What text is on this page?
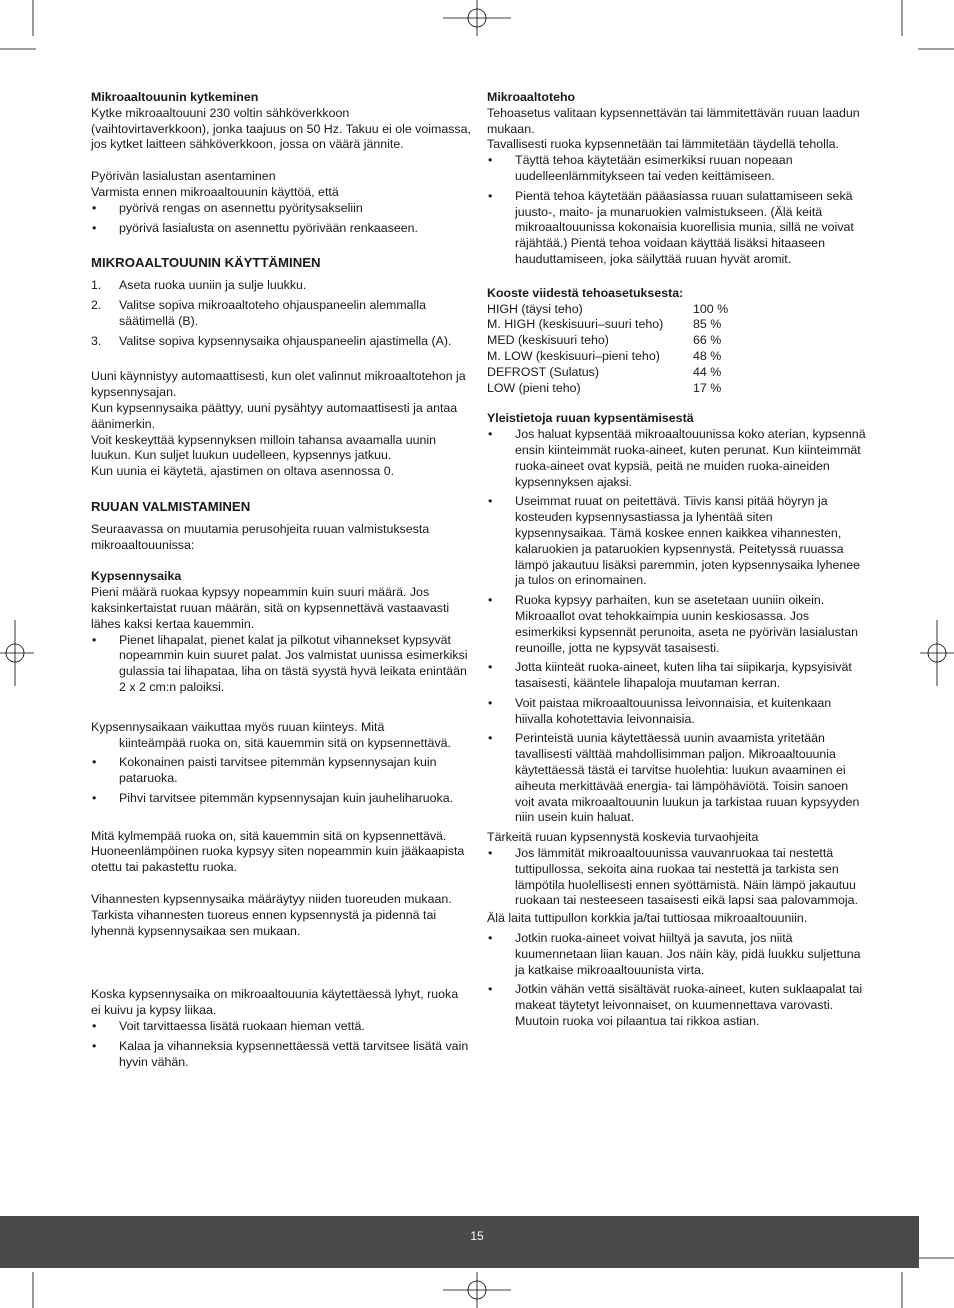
Mikroaaltouunin kytkeminen

Kytke mikroaaltouuni 230 voltin sähköverkkoon (vaihtovirtaverkkoon), jonka taajuus on 50 Hz. Takuu ei ole voimassa, jos kytket laitteen sähköverkkoon, jossa on väärä jännite.

Pyörivän lasialustan asentaminen

Varmista ennen mikroaaltouunin käyttöä, että

• pyörivä rengas on asennettu pyöritysakseliin
• pyörivä lasialusta on asennettu pyörivään renkaaseen.

MIKROAALTOUUNIN KÄYTTÄMINEN

1. Aseta ruoka uuniin ja sulje luukku.
2. Valitse sopiva mikroaaltoteho ohjauspaneelin alemmalla säätimellä (B).
3. Valitse sopiva kypsennysaika ohjauspaneelin ajastimella (A).

Uuni käynnistyy automaattisesti, kun olet valinnut mikroaaltotehon ja kypsennysajan.

Kun kypsennysaika päättyy, uuni pysähtyy automaattisesti ja antaa äänimerkin.

Voit keskeyttää kypsennyksen milloin tahansa avaamalla uunin luukun. Kun suljet luukun uudelleen, kypsennys jatkuu.

Kun uunia ei käytetä, ajastimen on oltava asennossa 0.

RUUAN VALMISTAMINEN

Seuraavassa on muutamia perusohjeita ruuan valmistuksesta mikroaaltouunissa:

Kypsennysaika

Pieni määrä ruokaa kypsyy nopeammin kuin suuri määrä. Jos kaksinkertaistat ruuan määrän, sitä on kypsennettävä vastaavasti lähes kaksi kertaa kauemmin.

• Pienet lihapalat, pienet kalat ja pilkotut vihannekset kypsyvät nopeammin kuin suuret palat. Jos valmistat uunissa esimerkiksi gulassia tai lihapataa, liha on tästä syystä hyvä leikata enintään 2 x 2 cm:n paloiksi.

Kypsennysaikaan vaikuttaa myös ruuan kiinteys. Mitä

kiinteämpää ruoka on, sitä kauemmin sitä on kypsennettävä.

• Kokonainen paisti tarvitsee pitemmän kypsennysajan kuin pataruoka.
• Pihvi tarvitsee pitemmän kypsennysajan kuin jauheliharuoka.

Mitä kylmempää ruoka on, sitä kauemmin sitä on kypsennettävä. Huoneenlämpöinen ruoka kypsyy siten nopeammin kuin jääkaapista otettu tai pakastettu ruoka.

Vihannesten kypsennysaika määräytyy niiden tuoreuden mukaan. Tarkista vihannesten tuoreus ennen kypsennystä ja pidennä tai lyhennä kypsennysaikaa sen mukaan.

Koska kypsennysaika on mikroaaltouunia käytettäessä lyhyt, ruoka ei kuivu ja kypsy liikaa.

• Voit tarvittaessa lisätä ruokaan hieman vettä.
• Kalaa ja vihanneksia kypsennettäessä vettä tarvitsee lisätä vain hyvin vähän.

Mikroaaltoteho

Tehoasetus valitaan kypsennettävän tai lämmitettävän ruuan laadun mukaan.

Tavallisesti ruoka kypsennetään tai lämmitetään täydellä teholla.

• Täyttä tehoa käytetään esimerkiksi ruuan nopeaan uudelleenlämmitykseen tai veden keittämiseen.
• Pientä tehoa käytetään pääasiassa ruuan sulattamiseen sekä juusto-, maito- ja munaruokien valmistukseen. (Älä keitä mikroaaltouunissa kokonaisia kuorellisia munia, sillä ne voivat räjähtää.) Pientä tehoa voidaan käyttää lisäksi hitaaseen hauduttamiseen, joka säilyttää ruuan hyvät aromit.

Kooste viidestä tehoasetuksesta:

HIGH (täysi teho)	100 %
M. HIGH (keskisuuri–suuri teho)	85 %
MED (keskisuuri teho)	66 %
M. LOW (keskisuuri–pieni teho)	48 %
DEFROST (Sulatus)	44 %
LOW (pieni teho)	17 %

Yleistietoja ruuan kypsentämisestä

• Jos haluat kypsentää mikroaaltouunissa koko aterian, kypsennä ensin kiinteimmät ruoka-aineet, kuten perunat. Kun kiinteimmät ruoka-aineet ovat kypsiä, peitä ne muiden ruoka-aineiden kypsennyksen ajaksi.
• Useimmat ruuat on peitettävä. Tiivis kansi pitää höyryn ja kosteuden kypsennysastiassa ja lyhentää siten kypsennysaikaa. Tämä koskee ennen kaikkea vihannesten, kalaruokien ja pataruokien kypsennystä. Peitetyssä ruuassa lämpö jakautuu lisäksi paremmin, joten kypsennysaika lyhenee ja tulos on erinomainen.
• Ruoka kypsyy parhaiten, kun se asetetaan uuniin oikein. Mikroaallot ovat tehokkaimpia uunin keskiosassa. Jos esimerkiksi kypsennät perunoita, aseta ne pyörivän lasialustan reunoille, jotta ne kypsyvät tasaisesti.
• Jotta kiinteät ruoka-aineet, kuten liha tai siipikarja, kypsyisivät tasaisesti, kääntele lihapaloja muutaman kerran.
• Voit paistaa mikroaaltouunissa leivonnaisia, et kuitenkaan hiivalla kohotettavia leivonnaisia.
• Perinteistä uunia käytettäessä uunin avaamista yritetään tavallisesti välttää mahdollisimman paljon. Mikroaaltouunia käytettäessä tästä ei tarvitse huolehtia: luukun avaaminen ei aiheuta merkittävää energia- tai lämpöhäviötä. Toisin sanoen voit avata mikroaaltouunin luukun ja tarkistaa ruuan kypsyyden niin usein kuin haluat.

Tärkeitä ruuan kypsennystä koskevia turvaohjeita

• Jos lämmität mikroaaltouunissa vauvanruokaa tai nestettä tuttipullossa, sekoita aina ruokaa tai nestettä ja tarkista sen lämpötila huolellisesti ennen syöttämistä. Näin lämpö jakautuu ruokaan tai nesteeseen tasaisesti eikä lapsi saa palovammoja.

Älä laita tuttipullon korkkia ja/tai tuttiosaa mikroaaltouuniin.

• Jotkin ruoka-aineet voivat hiiltyä ja savuta, jos niitä kuumennetaan liian kauan. Jos näin käy, pidä luukku suljettuna ja katkaise mikroaaltouunista virta.
• Jotkin vähän vettä sisältävät ruoka-aineet, kuten suklaapalat tai makeat täytetyt leivonnaiset, on kuumennettava varovasti. Muutoin ruoka voi pilaantua tai rikkoa astian.
15
